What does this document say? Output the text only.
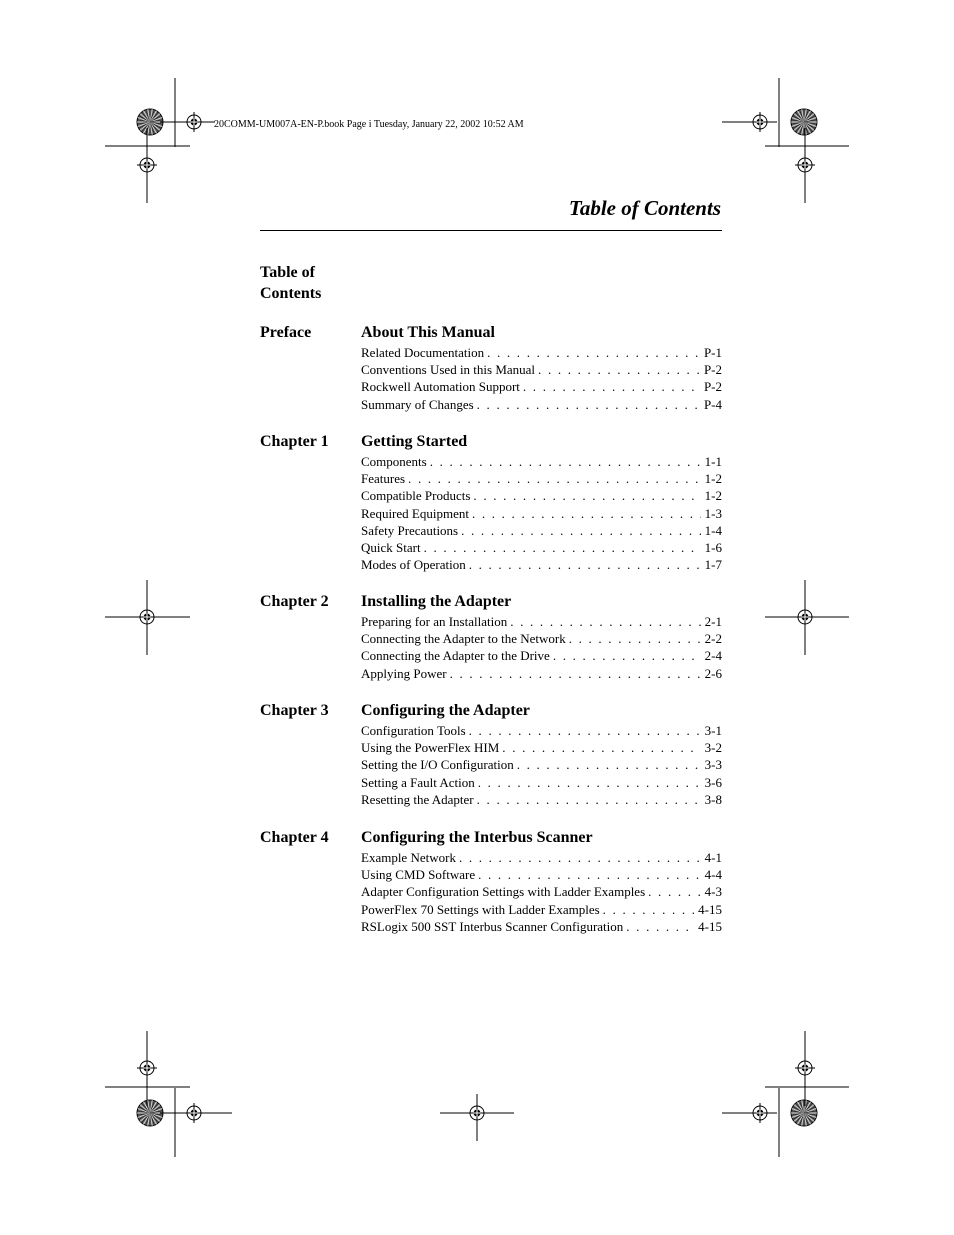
20COMM-UM007A-EN-P.book Page i Tuesday, January 22, 2002 10:52 AM
Table of Contents
Table of Contents
Preface	About This Manual
Related Documentation . . .	P-1
Conventions Used in this Manual . . .	P-2
Rockwell Automation Support . . .	P-2
Summary of Changes . . .	P-4
Chapter 1 Getting Started
Components . . .	1-1
Features . . .	1-2
Compatible Products . . .	1-2
Required Equipment . . .	1-3
Safety Precautions . . .	1-4
Quick Start . . .	1-6
Modes of Operation . . .	1-7
Chapter 2 Installing the Adapter
Preparing for an Installation . . .	2-1
Connecting the Adapter to the Network . . .	2-2
Connecting the Adapter to the Drive . . .	2-4
Applying Power . . .	2-6
Chapter 3 Configuring the Adapter
Configuration Tools . . .	3-1
Using the PowerFlex HIM . . .	3-2
Setting the I/O Configuration . . .	3-3
Setting a Fault Action . . .	3-6
Resetting the Adapter . . .	3-8
Chapter 4 Configuring the Interbus Scanner
Example Network . . .	4-1
Using CMD Software . . .	4-4
Adapter Configuration Settings with Ladder Examples . . .	4-3
PowerFlex 70 Settings with Ladder Examples . . .	4-15
RSLogix 500 SST Interbus Scanner Configuration . . .	4-15
